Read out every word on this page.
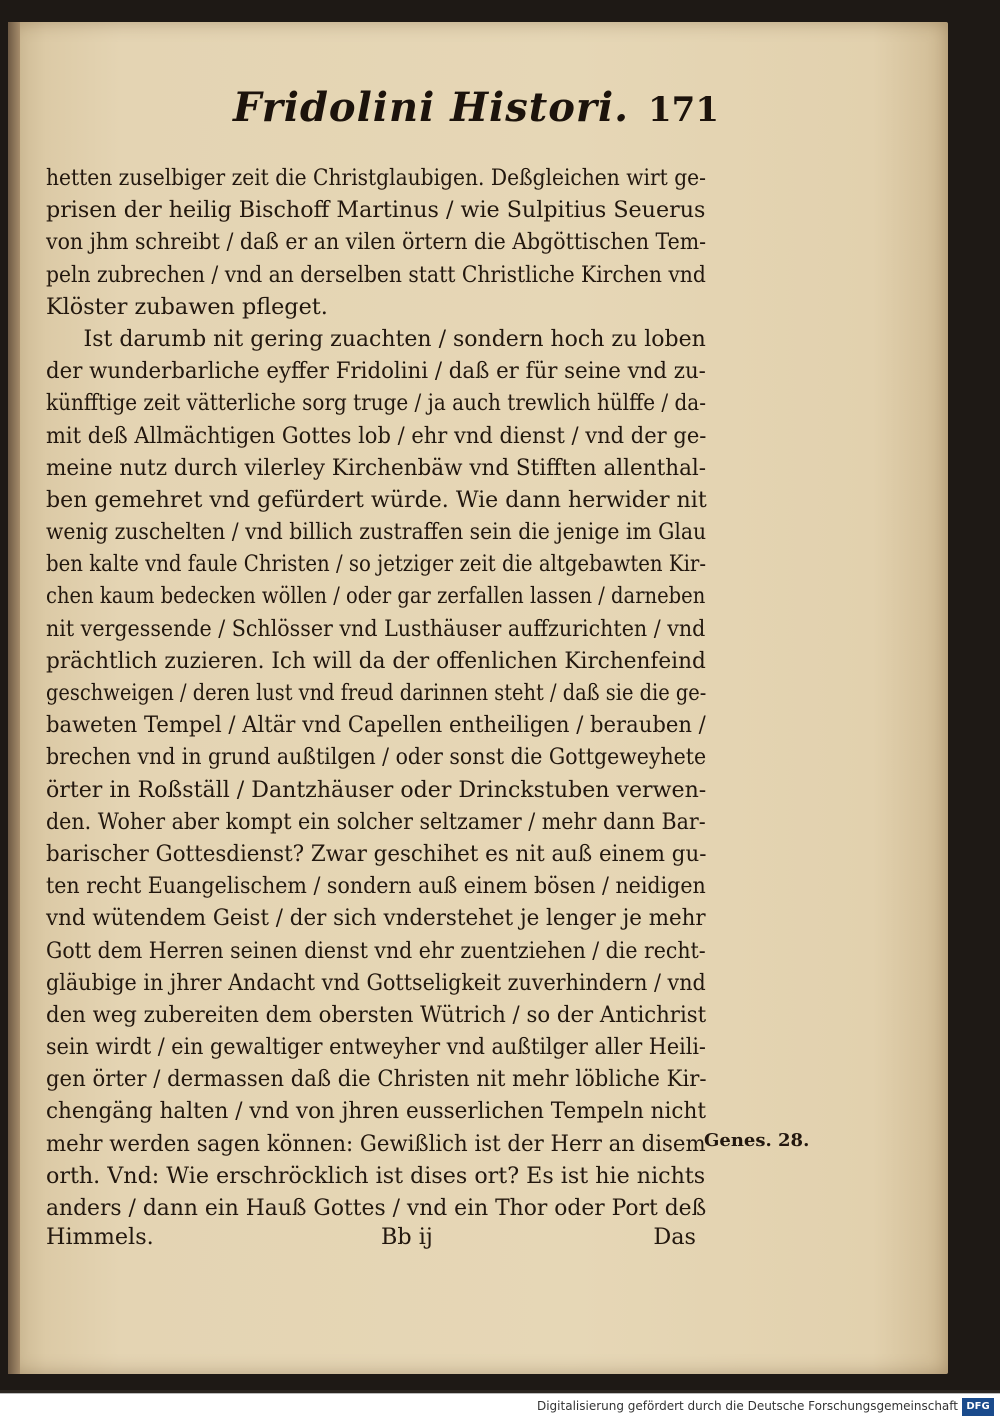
Fridolini Histori. 171
hetten zuselbiger zeit die Christglaubigen. Deßgleichen wirt ge-
prisen der heilig Bischoff Martinus / wie Sulpitius Seuerus
von jhm schreibt / daß er an vilen örtern die Abgöttischen Tem-
peln zubrechen / vnd an derselben statt Christliche Kirchen vnd
Klöster zubawen pfleget.
Ist darumb nit gering zuachten / sondern hoch zu loben
der wunderbarliche eyffer Fridolini / daß er für seine vnd zu-
künfftige zeit vätterliche sorg truge / ja auch trewlich hülffe / da-
mit deß Allmächtigen Gottes lob / ehr vnd dienst / vnd der ge-
meine nutz durch vilerley Kirchenbäw vnd Stifften allenthal-
ben gemehret vnd gefürdert würde. Wie dann herwider nit
wenig zuschelten / vnd billich zustraffen sein die jenige im Glau
ben kalte vnd faule Christen / so jetziger zeit die altgebawten Kir-
chen kaum bedecken wöllen / oder gar zerfallen lassen / darneben
nit vergessende / Schlösser vnd Lusthäuser auffzurichten / vnd
prächtlich zuzieren. Ich will da der offenlichen Kirchenfeind
geschweigen / deren lust vnd freud darinnen steht / daß sie die ge-
baweten Tempel / Altär vnd Capellen entheiligen / berauben /
brechen vnd in grund außtilgen / oder sonst die Gottgeweyhete
örter in Roßställ / Dantzhäuser oder Drinckstuben verwen-
den. Woher aber kompt ein solcher seltzamer / mehr dann Bar-
barischer Gottesdienst? Zwar geschihet es nit auß einem gu-
ten recht Euangelischem / sondern auß einem bösen / neidigen
vnd wütendem Geist / der sich vnderstehet je lenger je mehr
Gott dem Herren seinen dienst vnd ehr zuentziehen / die recht-
gläubige in jhrer Andacht vnd Gottseligkeit zuverhindern / vnd
den weg zubereiten dem obersten Wütrich / so der Antichrist
sein wirdt / ein gewaltiger entweyher vnd außtilger aller Heili-
gen örter / dermassen daß die Christen nit mehr löbliche Kir-
chengäng halten / vnd von jhren eusserlichen Tempeln nicht
mehr werden sagen können: Gewißlich ist der Herr an disem
orth. Vnd: Wie erschröcklich ist dises ort? Es ist hie nichts
anders / dann ein Hauß Gottes / vnd ein Thor oder Port deß
Genes. 28.
Himmels.	Bb ij	Das
Digitalisierung gefördert durch die Deutsche Forschungsgemeinschaft DFG
